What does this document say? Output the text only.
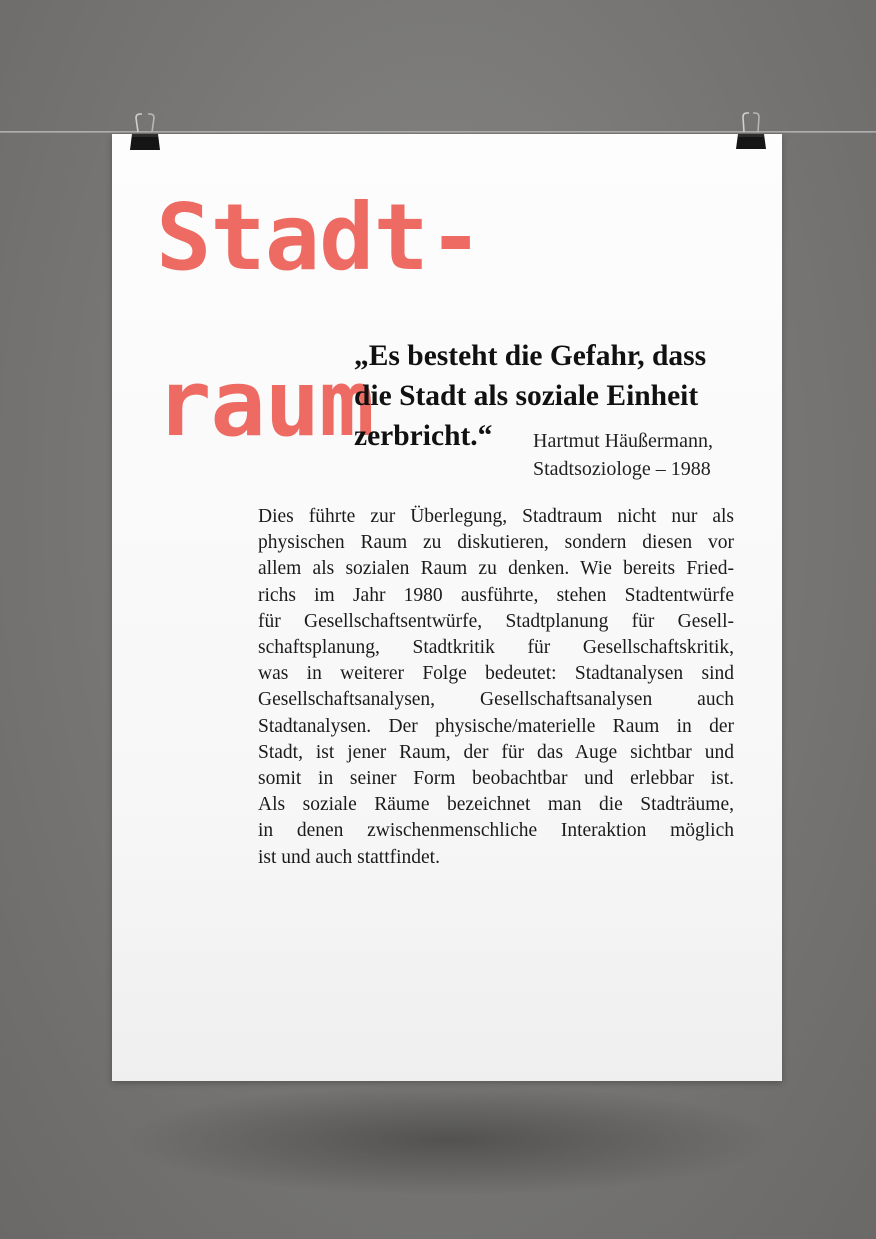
Stadt-
raum

„Es besteht die Gefahr, dass
die Stadt als soziale Einheit
zerbricht.“	Hartmut Häußermann,
Stadtsoziologe – 1988

Dies führte zur Überlegung, Stadtraum nicht nur als
physischen Raum zu diskutieren, sondern diesen vor
allem als sozialen Raum zu denken. Wie bereits Fried-
richs im Jahr 1980 ausführte, stehen Stadtentwürfe
für Gesellschaftsentwürfe, Stadtplanung für Gesell-
schaftsplanung, Stadtkritik für Gesellschaftskritik,
was in weiterer Folge bedeutet: Stadtanalysen sind
Gesellschaftsanalysen, Gesellschaftsanalysen auch
Stadtanalysen. Der physische/materielle Raum in der
Stadt, ist jener Raum, der für das Auge sichtbar und
somit in seiner Form beobachtbar und erlebbar ist.
Als soziale Räume bezeichnet man die Stadträume,
in denen zwischenmenschliche Interaktion möglich
ist und auch stattfindet.
